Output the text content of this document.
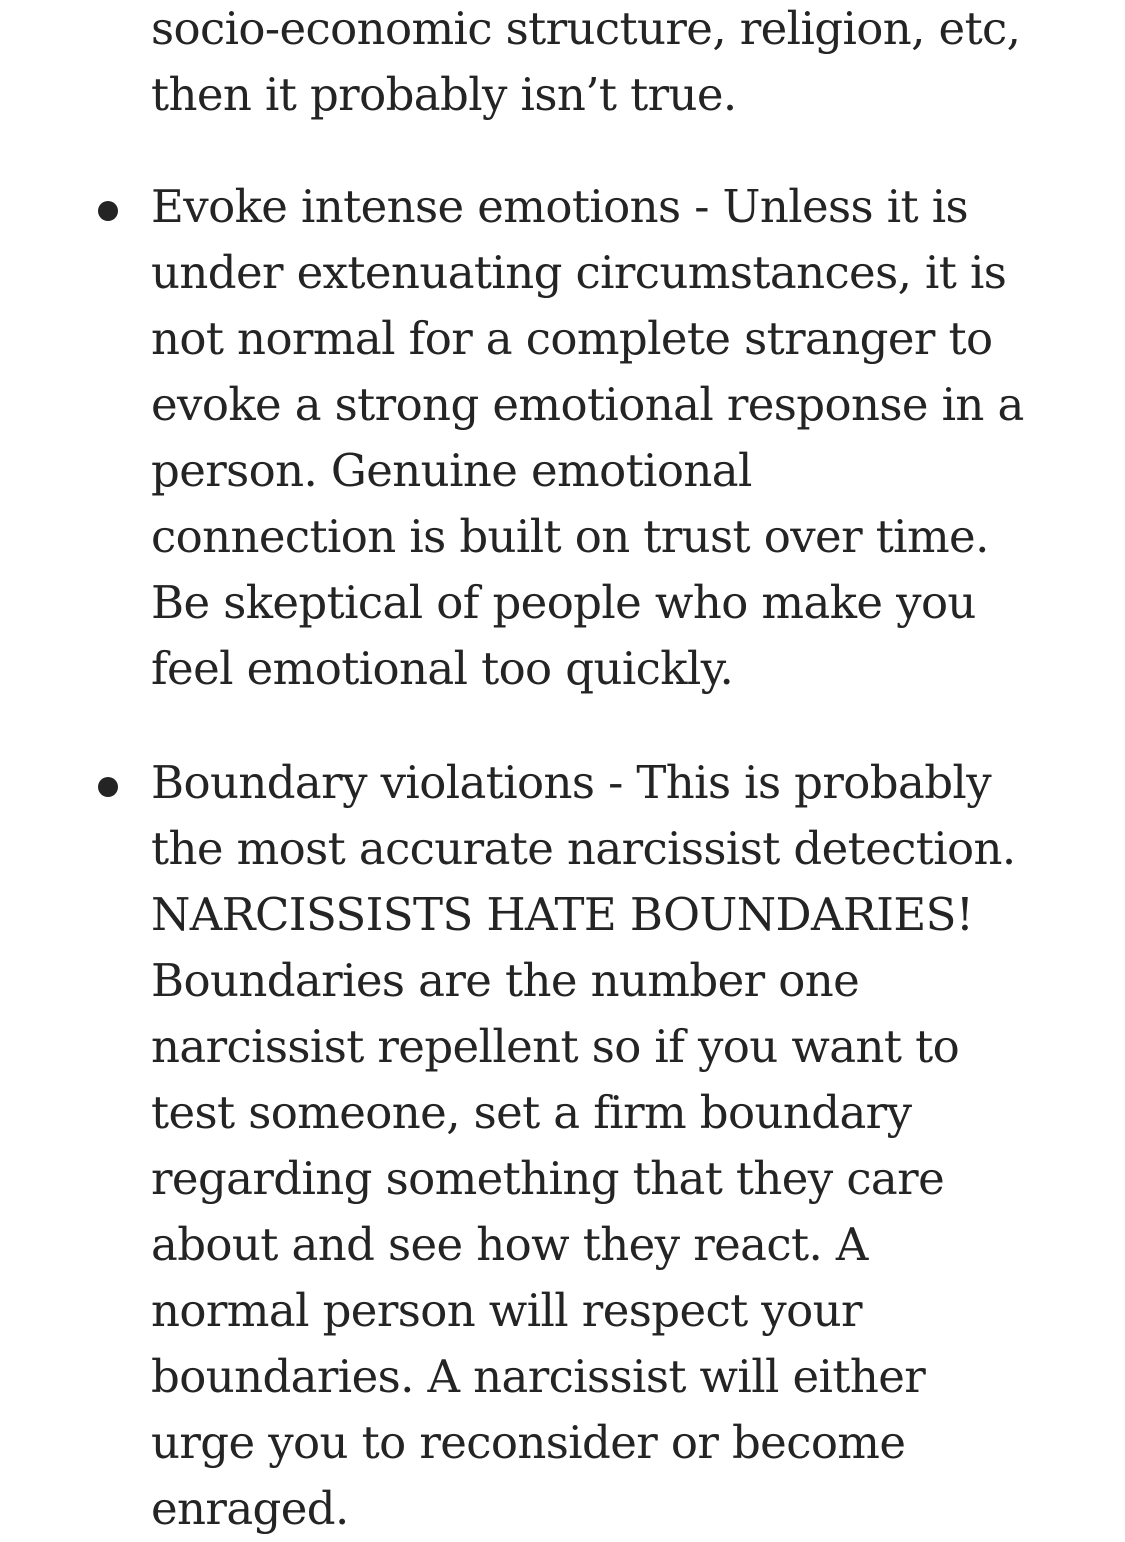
socio-economic structure, religion, etc,
then it probably isn’t true.
Evoke intense emotions - Unless it is
under extenuating circumstances, it is
not normal for a complete stranger to
evoke a strong emotional response in a
person. Genuine emotional
connection is built on trust over time.
Be skeptical of people who make you
feel emotional too quickly.
Boundary violations - This is probably
the most accurate narcissist detection.
NARCISSISTS HATE BOUNDARIES!
Boundaries are the number one
narcissist repellent so if you want to
test someone, set a firm boundary
regarding something that they care
about and see how they react. A
normal person will respect your
boundaries. A narcissist will either
urge you to reconsider or become
enraged.
